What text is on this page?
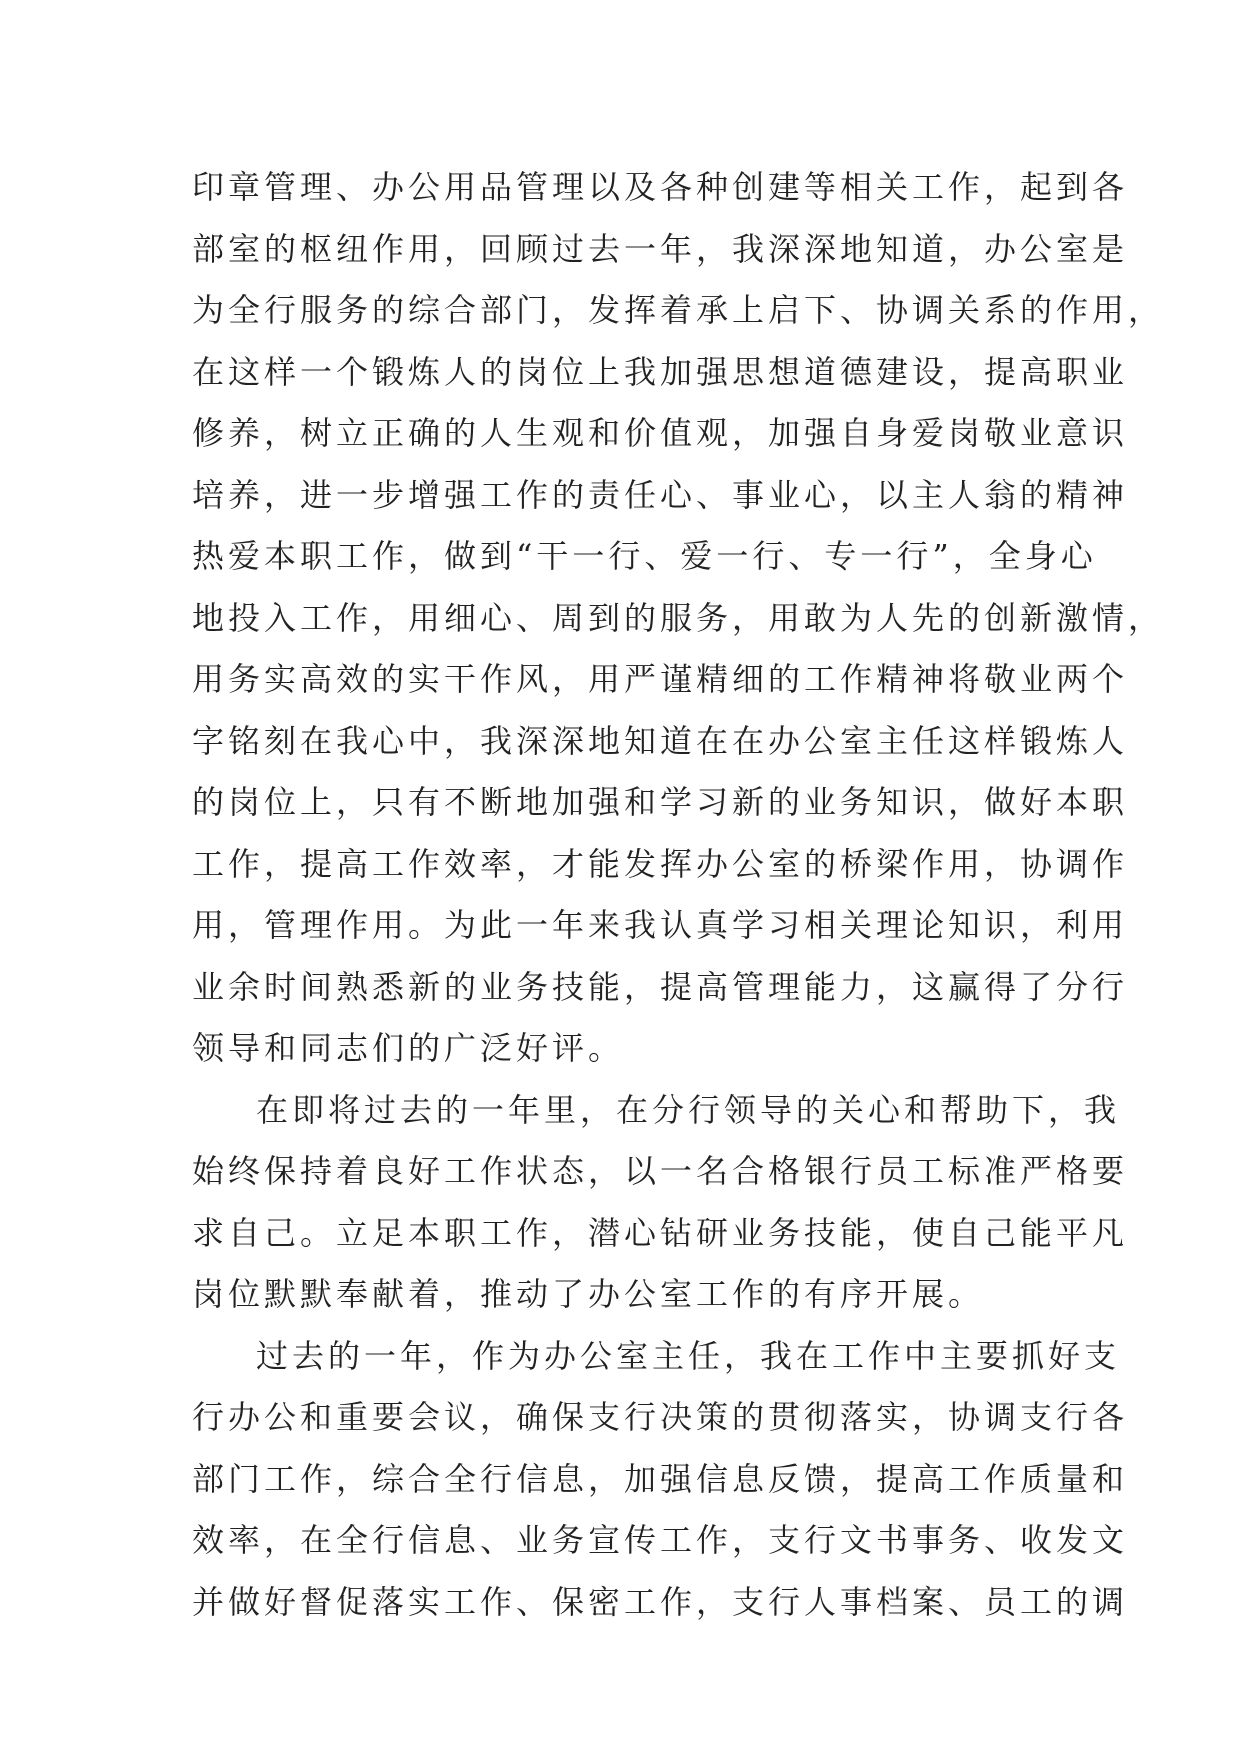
印章管理、办公用品管理以及各种创建等相关工作，起到各
部室的枢纽作用，回顾过去一年，我深深地知道，办公室是
为全行服务的综合部门，发挥着承上启下、协调关系的作用，
在这样一个锻炼人的岗位上我加强思想道德建设，提高职业
修养，树立正确的人生观和价值观，加强自身爱岗敬业意识
培养，进一步增强工作的责任心、事业心，以主人翁的精神
热爱本职工作，做到“干一行、爱一行、专一行”，全身心
地投入工作，用细心、周到的服务，用敢为人先的创新激情，
用务实高效的实干作风，用严谨精细的工作精神将敬业两个
字铭刻在我心中，我深深地知道在在办公室主任这样锻炼人
的岗位上，只有不断地加强和学习新的业务知识，做好本职
工作，提高工作效率，才能发挥办公室的桥梁作用，协调作
用，管理作用。为此一年来我认真学习相关理论知识，利用
业余时间熟悉新的业务技能，提高管理能力，这赢得了分行
领导和同志们的广泛好评。
在即将过去的一年里，在分行领导的关心和帮助下，我
始终保持着良好工作状态，以一名合格银行员工标准严格要
求自己。立足本职工作，潜心钻研业务技能，使自己能平凡
岗位默默奉献着，推动了办公室工作的有序开展。
过去的一年，作为办公室主任，我在工作中主要抓好支
行办公和重要会议，确保支行决策的贯彻落实，协调支行各
部门工作，综合全行信息，加强信息反馈，提高工作质量和
效率，在全行信息、业务宣传工作，支行文书事务、收发文
并做好督促落实工作、保密工作，支行人事档案、员工的调
